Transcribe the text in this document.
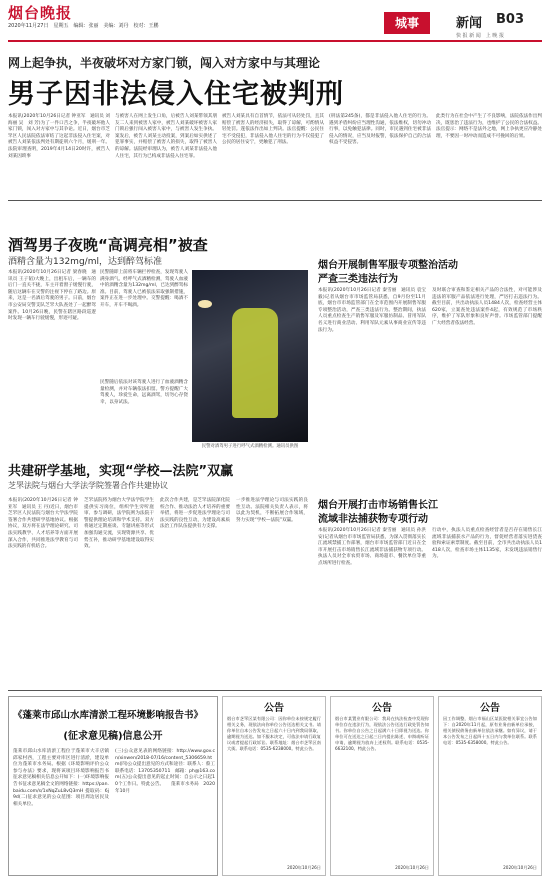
烟台晚报
2020年11月27日　星期五　编辑：张丽　美编：刘丹　校对：王鹏	城事	新闻 B03
快 报 新 闻　上 晚 报
网上起争执，半夜破坏对方家门锁，闯入对方家中与其理论
男子因非法侵入住宅被判刑
本报讯(2020年10月26日记者 钟亚军　通讯员 刘海丽 吴　刘 芳)为了一件口舌之争，半夜破坏他人家门锁，闯入对方家中与其争论。近日，烟台市芝罘区人民法院依法审结了这起非法侵入住宅案，对被告人刘某依法判处有期徒刑六个月，缓刑一年。法院审理查明，2019年4月14日20时许，被告人刘某因琐事
与被害人在网上发生口角，后被告人刘某带领其朋友二人来到被害人家中，被告人刘某破坏被害人家门锁后强行闯入被害人家中，与被害人发生争执。案发后，被告人刘某主动投案，到案后如实供述了犯罪事实，并赔偿了被害人的损失，取得了被害人的谅解。法院经审理认为，被告人刘某非法侵入他人住宅，其行为已构成非法侵入住宅罪。
被告人刘某具有自首情节，依法可从轻处罚，且其赔偿了被害人的经济损失，取得了谅解，可酌情从轻处罚。遂依法作出如上判决。法官提醒：公民住宅不受侵犯，非法侵入他人住宅的行为不仅侵犯了公民的居住安宁，更触犯了刑法。
(刑法第245条)，都是非法侵入他人住宅的行为。遇到矛盾纠纷应当理性沟通，依法维权，切勿冲动行事，以免触犯法律。同时，市民遇到住宅被非法侵入的情况，应当及时报警，依法保护自己的合法权益不受侵害。
此类行为在社会中产生了不良影响，法院依法作出判决，既惩治了违法行为，也维护了公民的合法权益。法官提示：网络不是法外之地，网上争执更应冷静处理，不要因一时冲动而造成不可挽回的后果。
酒驾男子夜晚“高调亮相”被查
酒精含量为132mg/ml，达到醉驾标准
本报讯(2020年10月26日记者 梁春晓　通讯员 王子韬)大晚上，出租车后，一辆车的后门一直关不拢，车主开着窗子缓慢行驶，随后这辆车在交警的注视下停在了路边。原来，这是一名酒后驾驶的男子。日前，烟台市公安局交警支队芝罘大队查处了一起醉驾案件。10月26日晚，民警在辖区路段巡逻时发现一辆车行驶缓慢，形迹可疑。
民警随即上前将车辆拦停检查，发现驾驶人满身酒气。经呼气式酒精检测，驾驶人血液中的酒精含量为132mg/ml，已达到醉驾标准。目前，驾驶人已被依法采取强制措施，案件正在进一步处理中。交警提醒：喝酒不开车，开车不喝酒。
民警对酒驾男子进行呼气式酒精检测。通讯员供图
民警随后依法对该驾驶人进行了血液酒精含量检测，并对车辆依法扣留。警方提醒广大驾驶人，珍爱生命，远离酒驾，切勿心存侥幸，以身试法。
烟台开展制售军服专项整治活动
严查三类违法行为
本报讯(2020年10月26日记者 秦雪丽　通讯员 袁宝毅)记者从烟台市市场监管局获悉，自9月份至11月底，烟台市市场监管部门在全市范围内开展制售军服专项整治活动，严查三类违法行为。整治期间，执法人员重点检查生产销售军服及军服仿制品、冒用军队名义进行商业活动、利用军队元素从事商业宣传等违法行为。
及时联合审查和鉴定相关产品的合法性，对可能涉及违法的军服产品依法进行处理，严厉打击违法行为。截至目前，共出动执法人员1484人次，检查经营主体620家，立案查处违法案件4起，有效规范了市场秩序，维护了军队形象和良好声誉。市场监管部门提醒广大经营者依法经营。
烟台开展打击市场销售长江
流域非法捕获物专项行动
本报讯(2020年10月26日记者 秦雪丽　通讯员 孙洪安)记者从烟台市市场监管局获悉，为深入贯彻落实长江流域禁捕工作部署，烟台市市场监管部门近日在全市开展打击市场销售长江流域非法捕获物专项行动。执法人员对全市农贸市场、商场超市、餐饮单位等重点场所进行检查。
行动中，执法人员重点检查经营者是否存在销售长江流域非法捕获水产品的行为，督促经营者落实进货查验和索证索票制度。截至目前，全市共出动执法人员1418人次，检查市场主体1135家，未发现违法销售行为。
共建研学基地，实现“学校—法院”双赢
芝罘法院与烟台大学法学院签署合作共建协议
本报讯(2020年10月26日记者 钟亚军　通讯员 王 丹)近日，烟台市芝罘区人民法院与烟台大学法学院签署合作共建研学基地协议。根据协议，双方将在法学理论研究、司法实践教学、人才培养等方面开展深入合作，共同推进法学教育与司法实践的有机结合。
芝罘法院将为烟台大学法学院学生提供实习岗位，组织学生旁听庭审、参与调研，法学院则为法院干警提供理论培训和学术支持。双方将通过定期座谈、专题讲座等形式加强沟通交流，实现资源共享、优势互补，推动研学基地建设取得实效。
此次合作共建，是芝罘法院深化院校合作、推动法治人才培养的重要举措，将进一步促进法学理论与司法实践的良性互动，为建设高素质法治工作队伍提供有力支撑。
一步推进法学理论与司法实践的良性互动。法院相关负责人表示，将以此为契机，不断拓展合作领域，努力实现“学校—法院”双赢。
《蓬莱市邱山水库清淤工程环境影响报告书》
(征求意见稿)信息公开
蓬莱市邱山水库清淤工程位于蓬莱市大辛店镇邱家村西，工程主要对库区进行清淤，建设单位为蓬莱市水务局。根据《环境影响评价公众参与办法》要求，现将该项目环境影响报告书征求意见稿相关信息公开如下：(一)环境影响报告书征求意见稿全文的网络链接：https://pan.baidu.com/s/1xNqZuL8vQ3mH 提取码：6j9d(二)征求意见的公众范围：项目周边居民及相关单位。
(三)公众意见表的网络链接：http://www.gov.cn/xinwen/2018-07/16/content_5306659.htm(四)公众提出意见的方式和途径：联系人：蔡工　联系电话：13705350711　邮箱：ph@163.com(五)公众提出意见的起止时间：自公示之日起10个工作日。特此公告。　　蓬莱市水务局　2020年10月
公告
烟台市芝罘区某有限公司：因你单位未按规定履行相关义务，现依法向你单位公告送达相关文书。请你单位自本公告发布之日起六十日内到我局领取，逾期视为送达。如不服本决定，可依法申请行政复议或者提起行政诉讼。联系地址：烟台市芝罘区南大街。联系电话：0535-6238000。特此公告。
2020年10月26日
公告
烟台市某置业有限公司：我局在执法检查中发现你单位存在违法行为，现依法公告送达行政处罚告知书。你单位自公告之日起满六十日即视为送达。你单位可在送达之日起三日内提出陈述、申辩或听证申请，逾期视为放弃上述权利。联系电话：0535-6632100。特此公告。
2020年10月26日
公告
因工作调整，烟台市福山区某医院相关事宜公告如下：自2020年11月起，原有业务由新单位承接，相关债权债务由新单位依法承继。如有异议，请于本公告发布之日起四十五日内与我单位联系。联系电话：0535-6358000。特此公告。
2020年10月26日
